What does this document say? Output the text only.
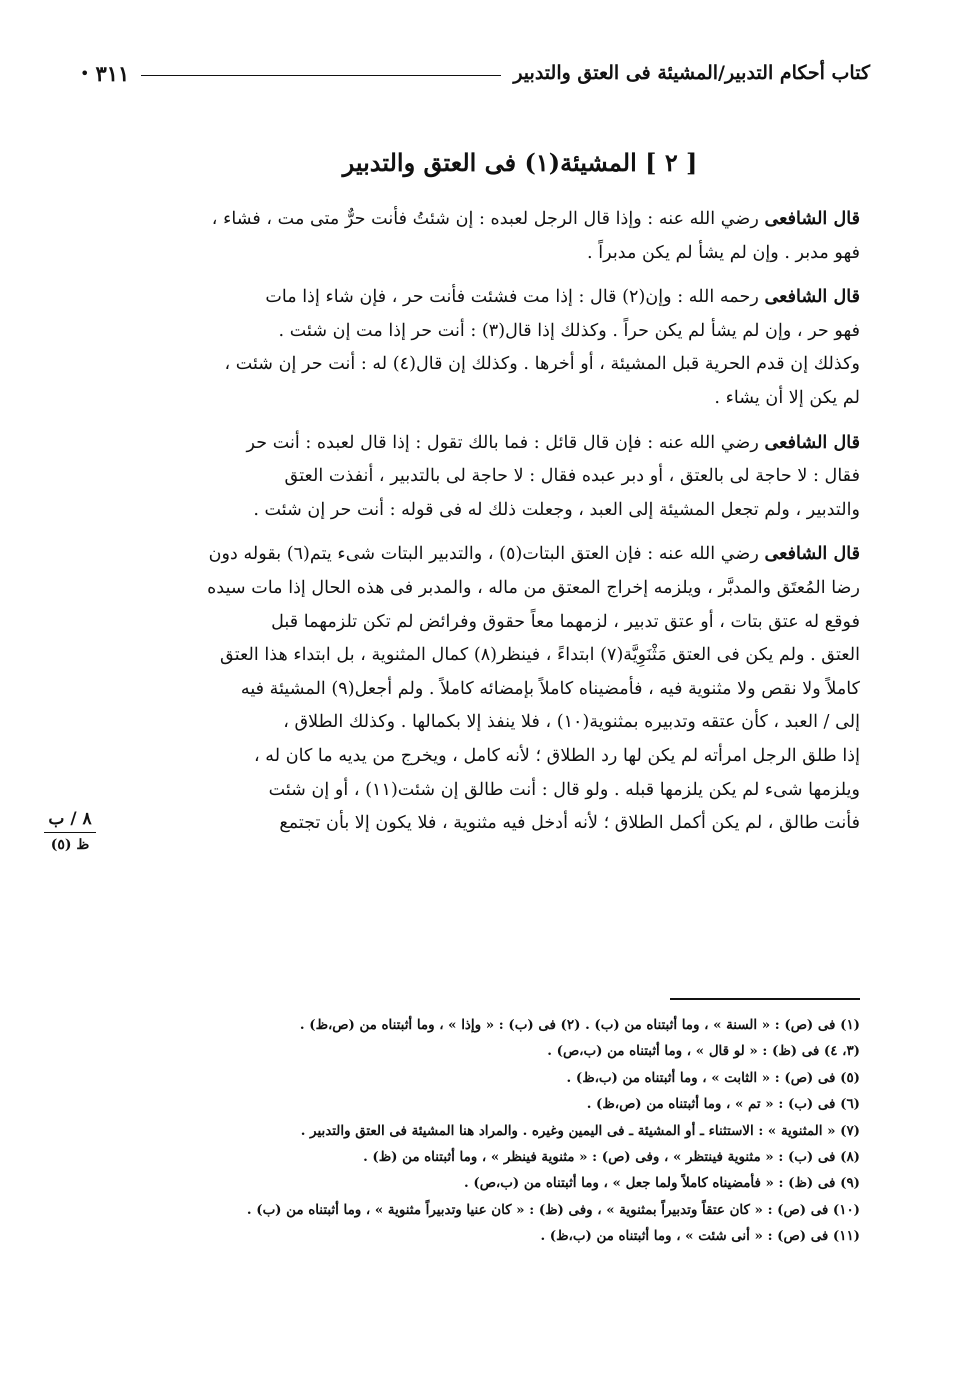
كتاب أحكام التدبير/المشيئة فى العتق والتدبير
٣١١
•
[ ٢ ] المشيئة(١) فى العتق والتدبير
قال الشافعى رضي الله عنه : وإذا قال الرجل لعبده : إن شئتُ فأنت حرٌّ متى مت ، فشاء ،
فهو مدبر . وإن لم يشأ لم يكن مدبراً .
قال الشافعى رحمه الله : وإن(٢) قال : إذا مت فشئت فأنت حر ، فإن شاء إذا مات
فهو حر ، وإن لم يشأ لم يكن حراً . وكذلك إذا قال(٣) : أنت حر إذا مت إن شئت .
وكذلك إن قدم الحرية قبل المشيئة ، أو أخرها . وكذلك إن قال(٤) له : أنت حر إن شئت ،
لم يكن إلا أن يشاء .
قال الشافعى رضي الله عنه : فإن قال قائل : فما بالك تقول : إذا قال لعبده : أنت حر
فقال : لا حاجة لى بالعتق ، أو دبر عبده فقال : لا حاجة لى بالتدبير ، أنفذت العتق
والتدبير ، ولم تجعل المشيئة إلى العبد ، وجعلت ذلك له فى قوله : أنت حر إن شئت .
قال الشافعى رضي الله عنه : فإن العتق البتات(٥) ، والتدبير البتات شىء يتم(٦) بقوله دون
رضا المُعتَق والمدبَّر ، ويلزمه إخراج المعتق من ماله ، والمدبر فى هذه الحال إذا مات سيده
فوقع له عتق بتات ، أو عتق تدبير ، لزمهما معاً حقوق وفرائض لم تكن تلزمهما قبل
العتق . ولم يكن فى العتق مَثْنَوِيَّة(٧) ابتداءً ، فينظر(٨) كمال المثنوية ، بل ابتداء هذا العتق
كاملاً ولا نقص ولا مثنوية فيه ، فأمضيناه كاملاً بإمضائه كاملاً . ولم أجعل(٩) المشيئة فيه
إلى / العبد ، كأن عتقه وتدبيره بمثنوية(١٠) ، فلا ينفذ إلا بكمالها . وكذلك الطلاق ،
إذا طلق الرجل امرأته لم يكن لها رد الطلاق ؛ لأنه كامل ، ويخرج من يديه ما كان له ،
ويلزمها شىء لم يكن يلزمها قبله . ولو قال : أنت طالق إن شئت(١١) ، أو إن شئت
فأنت طالق ، لم يكن أكمل الطلاق ؛ لأنه أدخل فيه مثنوية ، فلا يكون إلا بأن تجتمع
٨ / ب
ظ (٥)
(١) فى (ص) : « السنة » ، وما أثبتناه من (ب) . (٢) فى (ب) : « وإذا » ، وما أثبتناه من (ص،ظ) .
(٣، ٤) فى (ظ) : « لو قال » ، وما أثبتناه من (ب،ص) .
(٥) فى (ص) : « الثابت » ، وما أثبتناه من (ب،ظ) .
(٦) فى (ب) : « تم » ، وما أثبتناه من (ص،ظ) .
(٧) « المثنوية » : الاستثناء ـ أو المشيئة ـ فى اليمين وغيره . والمراد هنا المشيئة فى العتق والتدبير .
(٨) فى (ب) : « مثنوية فينتظر » ، وفى (ص) : « مثنوية فينظر » ، وما أثبتناه من (ظ) .
(٩) فى (ظ) : « فأمضيناه كاملاً ولما جعل » ، وما أثبتناه من (ب،ص) .
(١٠) فى (ص) : « كان عتقاً وتدبيراً بمثنوية » ، وفى (ظ) : « كان عنيا وتدبيراً مثنوية » ، وما أثبتناه من (ب) .
(١١) فى (ص) : « أنى شئت » ، وما أثبتناه من (ب،ظ) .
